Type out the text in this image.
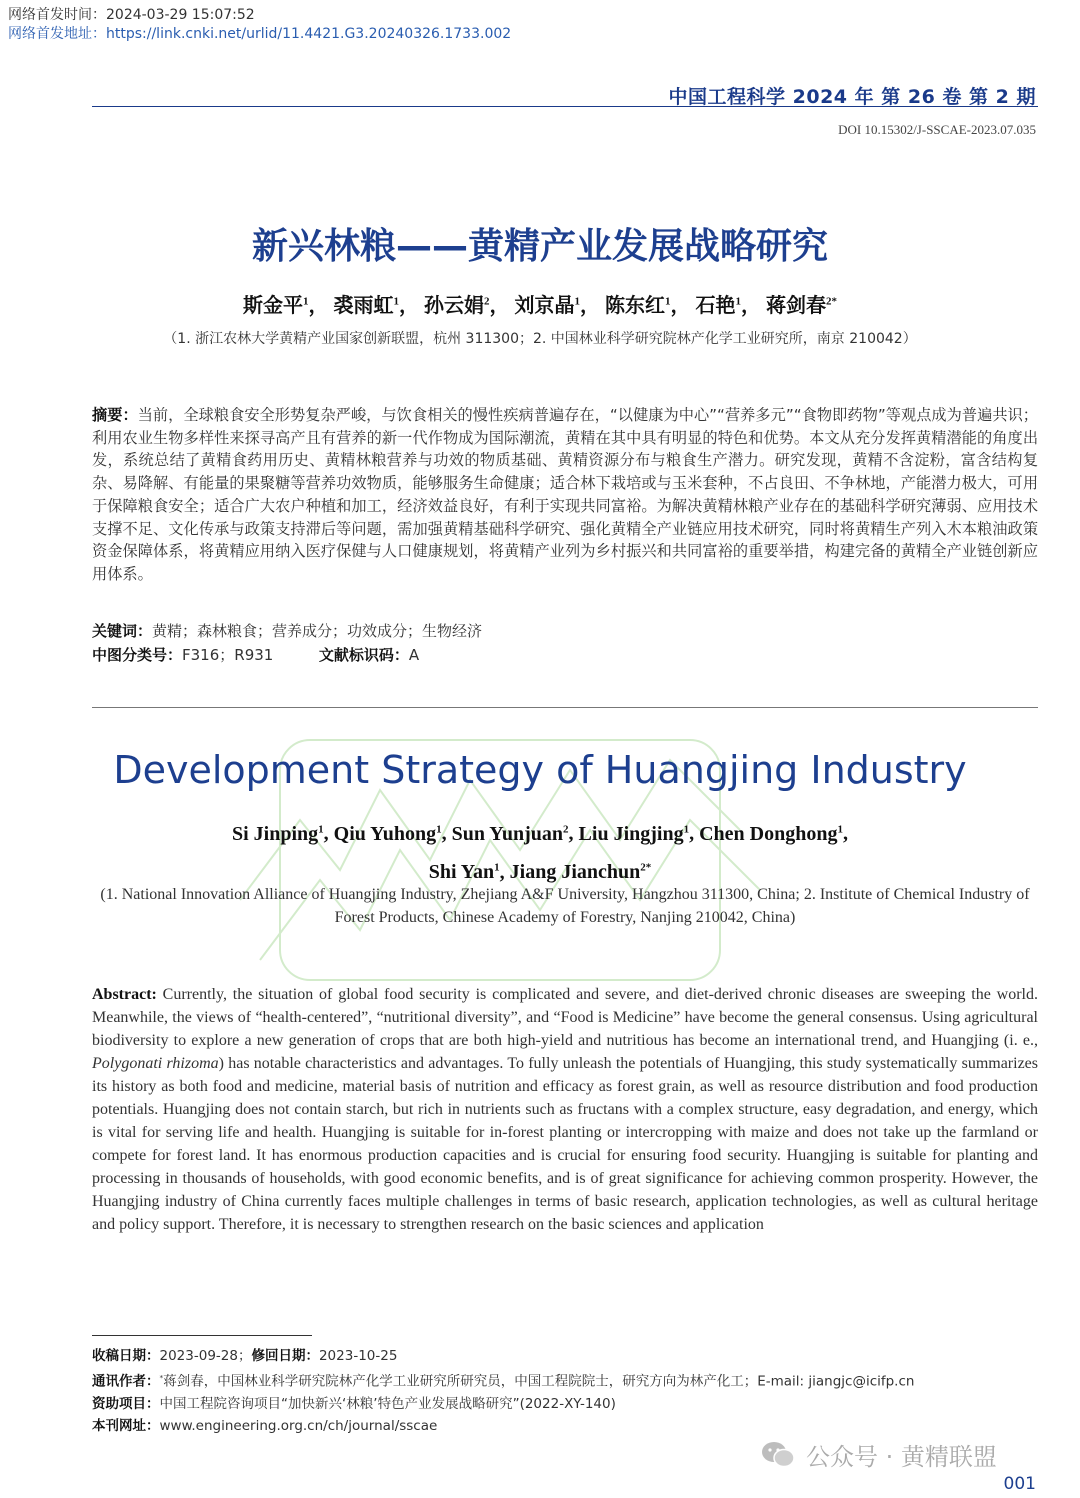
网络首发时间：2024-03-29 15:07:52
网络首发地址：https://link.cnki.net/urlid/11.4421.G3.20240326.1733.002
中国工程科学 2024 年 第 26 卷 第 2 期
DOI 10.15302/J-SSCAE-2023.07.035
新兴林粮——黄精产业发展战略研究
斯金平$^1$， 裘雨虹$^1$， 孙云娟$^2$， 刘京晶$^1$， 陈东红$^1$， 石艳$^1$， 蒋剑春$^{2*}$
（1. 浙江农林大学黄精产业国家创新联盟，杭州 311300；2. 中国林业科学研究院林产化学工业研究所，南京 210042）
摘要：当前，全球粮食安全形势复杂严峻，与饮食相关的慢性疾病普遍存在，“以健康为中心”“营养多元”“食物即药物”等观点成为普遍共识；利用农业生物多样性来探寻高产且有营养的新一代作物成为国际潮流，黄精在其中具有明显的特色和优势。本文从充分发挥黄精潜能的角度出发，系统总结了黄精食药用历史、黄精林粮营养与功效的物质基础、黄精资源分布与粮食生产潜力。研究发现，黄精不含淀粉，富含结构复杂、易降解、有能量的果聚糖等营养功效物质，能够服务生命健康；适合林下栽培或与玉米套种，不占良田、不争林地，产能潜力极大，可用于保障粮食安全；适合广大农户种植和加工，经济效益良好，有利于实现共同富裕。为解决黄精林粮产业存在的基础科学研究薄弱、应用技术支撑不足、文化传承与政策支持滞后等问题，需加强黄精基础科学研究、强化黄精全产业链应用技术研究，同时将黄精生产列入木本粮油政策资金保障体系，将黄精应用纳入医疗保健与人口健康规划，将黄精产业列为乡村振兴和共同富裕的重要举措，构建完备的黄精全产业链创新应用体系。
关键词：黄精；森林粮食；营养成分；功效成分；生物经济
中图分类号：F316；R931	文献标识码：A
Development Strategy of Huangjing Industry
Si Jinping$^1$, Qiu Yuhong$^1$, Sun Yunjuan$^2$, Liu Jingjing$^1$, Chen Donghong$^1$,
Shi Yan$^1$, Jiang Jianchun$^{2*}$
(1. National Innovation Alliance of Huangjing Industry, Zhejiang A&F University, Hangzhou 311300, China; 2. Institute of Chemical Industry of Forest Products, Chinese Academy of Forestry, Nanjing 210042, China)
Abstract: Currently, the situation of global food security is complicated and severe, and diet-derived chronic diseases are sweeping the world. Meanwhile, the views of “health-centered”, “nutritional diversity”, and “Food is Medicine” have become the general consensus. Using agricultural biodiversity to explore a new generation of crops that are both high-yield and nutritious has become an international trend, and Huangjing (i. e., Polygonati rhizoma) has notable characteristics and advantages. To fully unleash the potentials of Huangjing, this study systematically summarizes its history as both food and medicine, material basis of nutrition and efficacy as forest grain, as well as resource distribution and food production potentials. Huangjing does not contain starch, but rich in nutrients such as fructans with a complex structure, easy degradation, and energy, which is vital for serving life and health. Huangjing is suitable for in-forest planting or intercropping with maize and does not take up the farmland or compete for forest land. It has enormous production capacities and is crucial for ensuring food security. Huangjing is suitable for planting and processing in thousands of households, with good economic benefits, and is of great significance for achieving common prosperity. However, the Huangjing industry of China currently faces multiple challenges in terms of basic research, application technologies, as well as cultural heritage and policy support. Therefore, it is necessary to strengthen research on the basic sciences and application
收稿日期：2023-09-28；修回日期：2023-10-25
通讯作者：*蒋剑春，中国林业科学研究院林产化学工业研究所研究员，中国工程院院士，研究方向为林产化工；E-mail: jiangjc@icifp.cn
资助项目：中国工程院咨询项目“加快新兴‘林粮’特色产业发展战略研究”(2022-XY-140)
本刊网址：www.engineering.org.cn/ch/journal/sscae
公众号 · 黄精联盟
001
